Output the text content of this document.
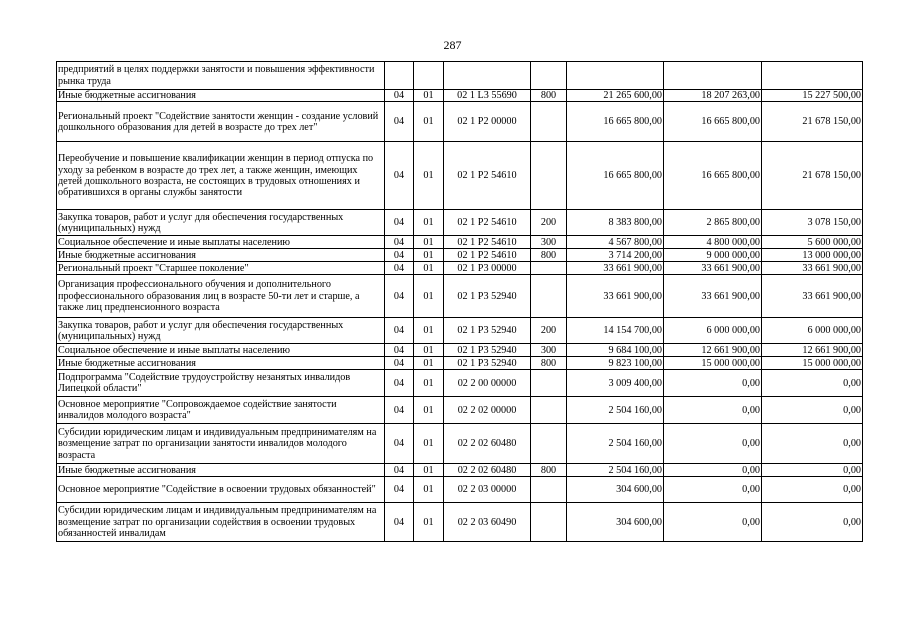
287
предприятий в целях поддержки занятости и повышения эффективности рынка труда							
Иные бюджетные ассигнования	04	01	02 1 L3 55690	800	21 265 600,00	18 207 263,00	15 227 500,00
Региональный проект "Содействие занятости женщин - создание условий дошкольного образования для детей в возрасте до трех лет"	04	01	02 1 P2 00000		16 665 800,00	16 665 800,00	21 678 150,00
Переобучение и повышение квалификации женщин в период отпуска по уходу за ребенком в возрасте до трех лет, а также женщин, имеющих детей дошкольного возраста, не состоящих в трудовых отношениях и обратившихся в органы службы занятости	04	01	02 1 P2 54610		16 665 800,00	16 665 800,00	21 678 150,00
Закупка товаров, работ и услуг для обеспечения государственных (муниципальных) нужд	04	01	02 1 P2 54610	200	8 383 800,00	2 865 800,00	3 078 150,00
Социальное обеспечение и иные выплаты населению	04	01	02 1 P2 54610	300	4 567 800,00	4 800 000,00	5 600 000,00
Иные бюджетные ассигнования	04	01	02 1 P2 54610	800	3 714 200,00	9 000 000,00	13 000 000,00
Региональный проект "Старшее поколение"	04	01	02 1 P3 00000		33 661 900,00	33 661 900,00	33 661 900,00
Организация профессионального обучения и дополнительного профессионального образования лиц в возрасте 50-ти лет и старше, а также лиц предпенсионного возраста	04	01	02 1 P3 52940		33 661 900,00	33 661 900,00	33 661 900,00
Закупка товаров, работ и услуг для обеспечения государственных (муниципальных) нужд	04	01	02 1 P3 52940	200	14 154 700,00	6 000 000,00	6 000 000,00
Социальное обеспечение и иные выплаты населению	04	01	02 1 P3 52940	300	9 684 100,00	12 661 900,00	12 661 900,00
Иные бюджетные ассигнования	04	01	02 1 P3 52940	800	9 823 100,00	15 000 000,00	15 000 000,00
Подпрограмма "Содействие трудоустройству незанятых инвалидов Липецкой области"	04	01	02 2 00 00000		3 009 400,00	0,00	0,00
Основное мероприятие "Сопровождаемое содействие занятости инвалидов молодого возраста"	04	01	02 2 02 00000		2 504 160,00	0,00	0,00
Субсидии юридическим лицам и индивидуальным предпринимателям на возмещение затрат по организации занятости инвалидов молодого возраста	04	01	02 2 02 60480		2 504 160,00	0,00	0,00
Иные бюджетные ассигнования	04	01	02 2 02 60480	800	2 504 160,00	0,00	0,00
Основное мероприятие "Содействие в освоении трудовых обязанностей"	04	01	02 2 03 00000		304 600,00	0,00	0,00
Субсидии юридическим лицам и индивидуальным предпринимателям на возмещение затрат по организации содействия в освоении трудовых обязанностей инвалидам	04	01	02 2 03 60490		304 600,00	0,00	0,00
